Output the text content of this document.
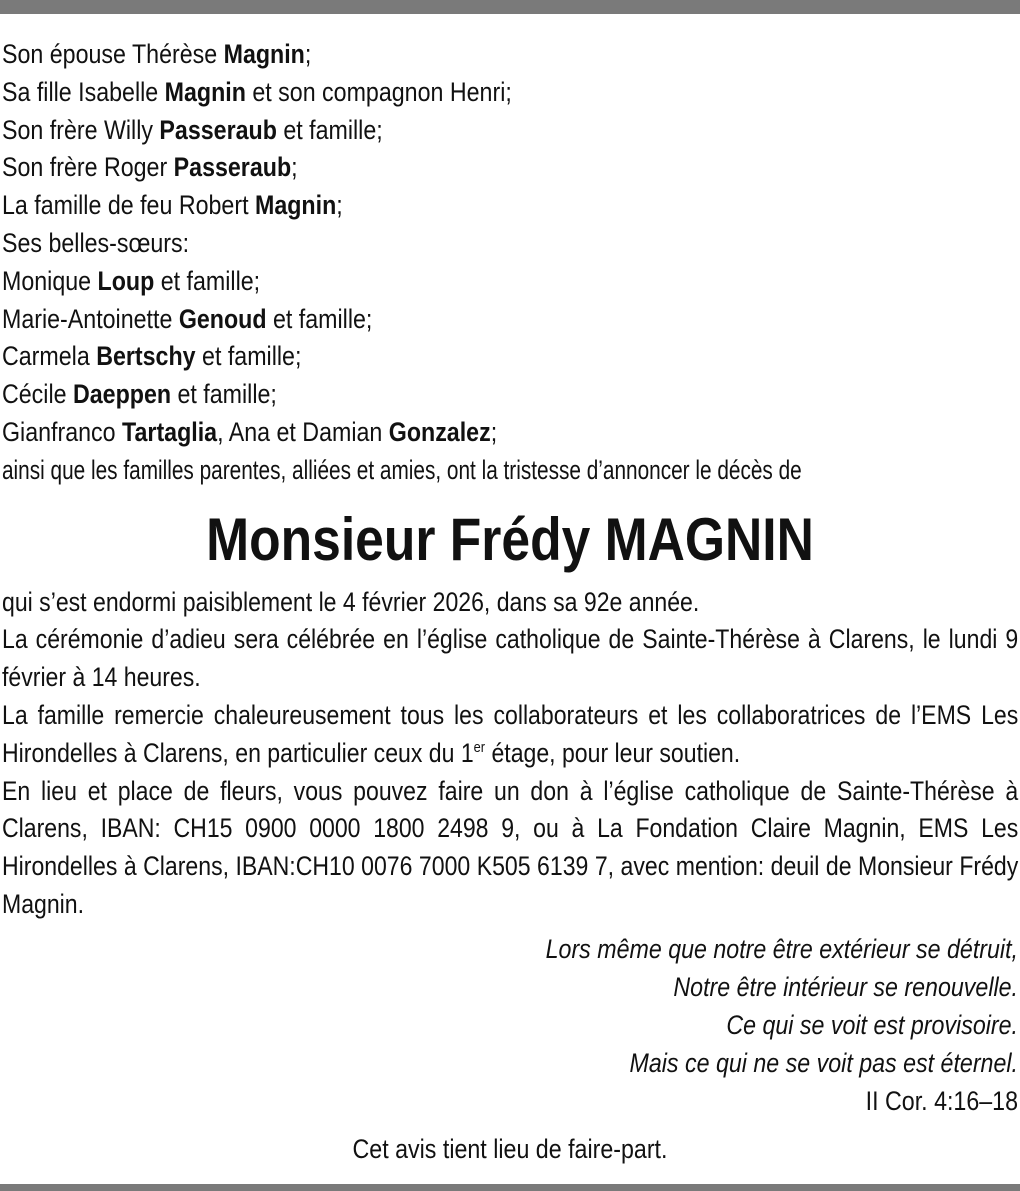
Son épouse Thérèse Magnin;
Sa fille Isabelle Magnin et son compagnon Henri;
Son frère Willy Passeraub et famille;
Son frère Roger Passeraub;
La famille de feu Robert Magnin;
Ses belles-sœurs:
Monique Loup et famille;
Marie-Antoinette Genoud et famille;
Carmela Bertschy et famille;
Cécile Daeppen et famille;
Gianfranco Tartaglia, Ana et Damian Gonzalez;
ainsi que les familles parentes, alliées et amies, ont la tristesse d’annoncer le décès de
Monsieur Frédy MAGNIN

qui s’est endormi paisiblement le 4 février 2026, dans sa 92e année.

La cérémonie d’adieu sera célébrée en l’église catholique de Sainte-Thérèse à Clarens, le lundi 9 février à 14 heures.

La famille remercie chaleureusement tous les collaborateurs et les collaboratrices de l’EMS Les Hirondelles à Clarens, en particulier ceux du 1er étage, pour leur soutien.

En lieu et place de fleurs, vous pouvez faire un don à l’église catholique de Sainte-Thérèse à Clarens, IBAN: CH15 0900 0000 1800 2498 9, ou à La Fondation Claire Magnin, EMS Les Hirondelles à Clarens, IBAN:CH10 0076 7000 K505 6139 7, avec mention: deuil de Monsieur Frédy Magnin.

Lors même que notre être extérieur se détruit,
Notre être intérieur se renouvelle.
Ce qui se voit est provisoire.
Mais ce qui ne se voit pas est éternel.
II Cor. 4:16–18
Cet avis tient lieu de faire-part.
